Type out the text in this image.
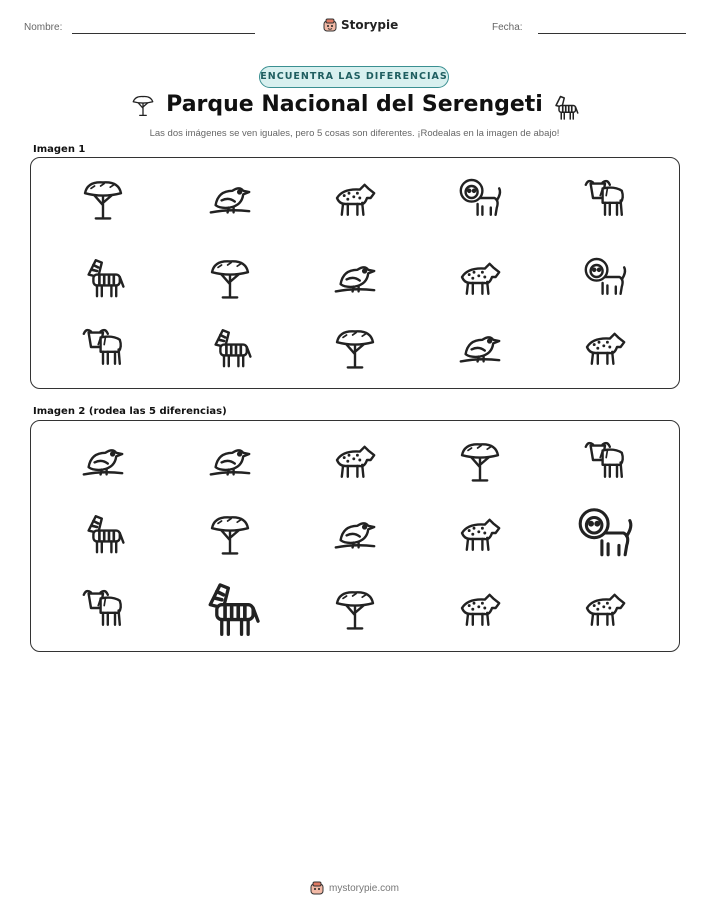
Nombre:	Storypie	Fecha:
ENCUENTRA LAS DIFERENCIAS
Parque Nacional del Serengeti
Las dos imágenes se ven iguales, pero 5 cosas son diferentes. ¡Rodealas en la imagen de abajo!
Imagen 1
Imagen 2 (rodea las 5 diferencias)
mystorypie.com
